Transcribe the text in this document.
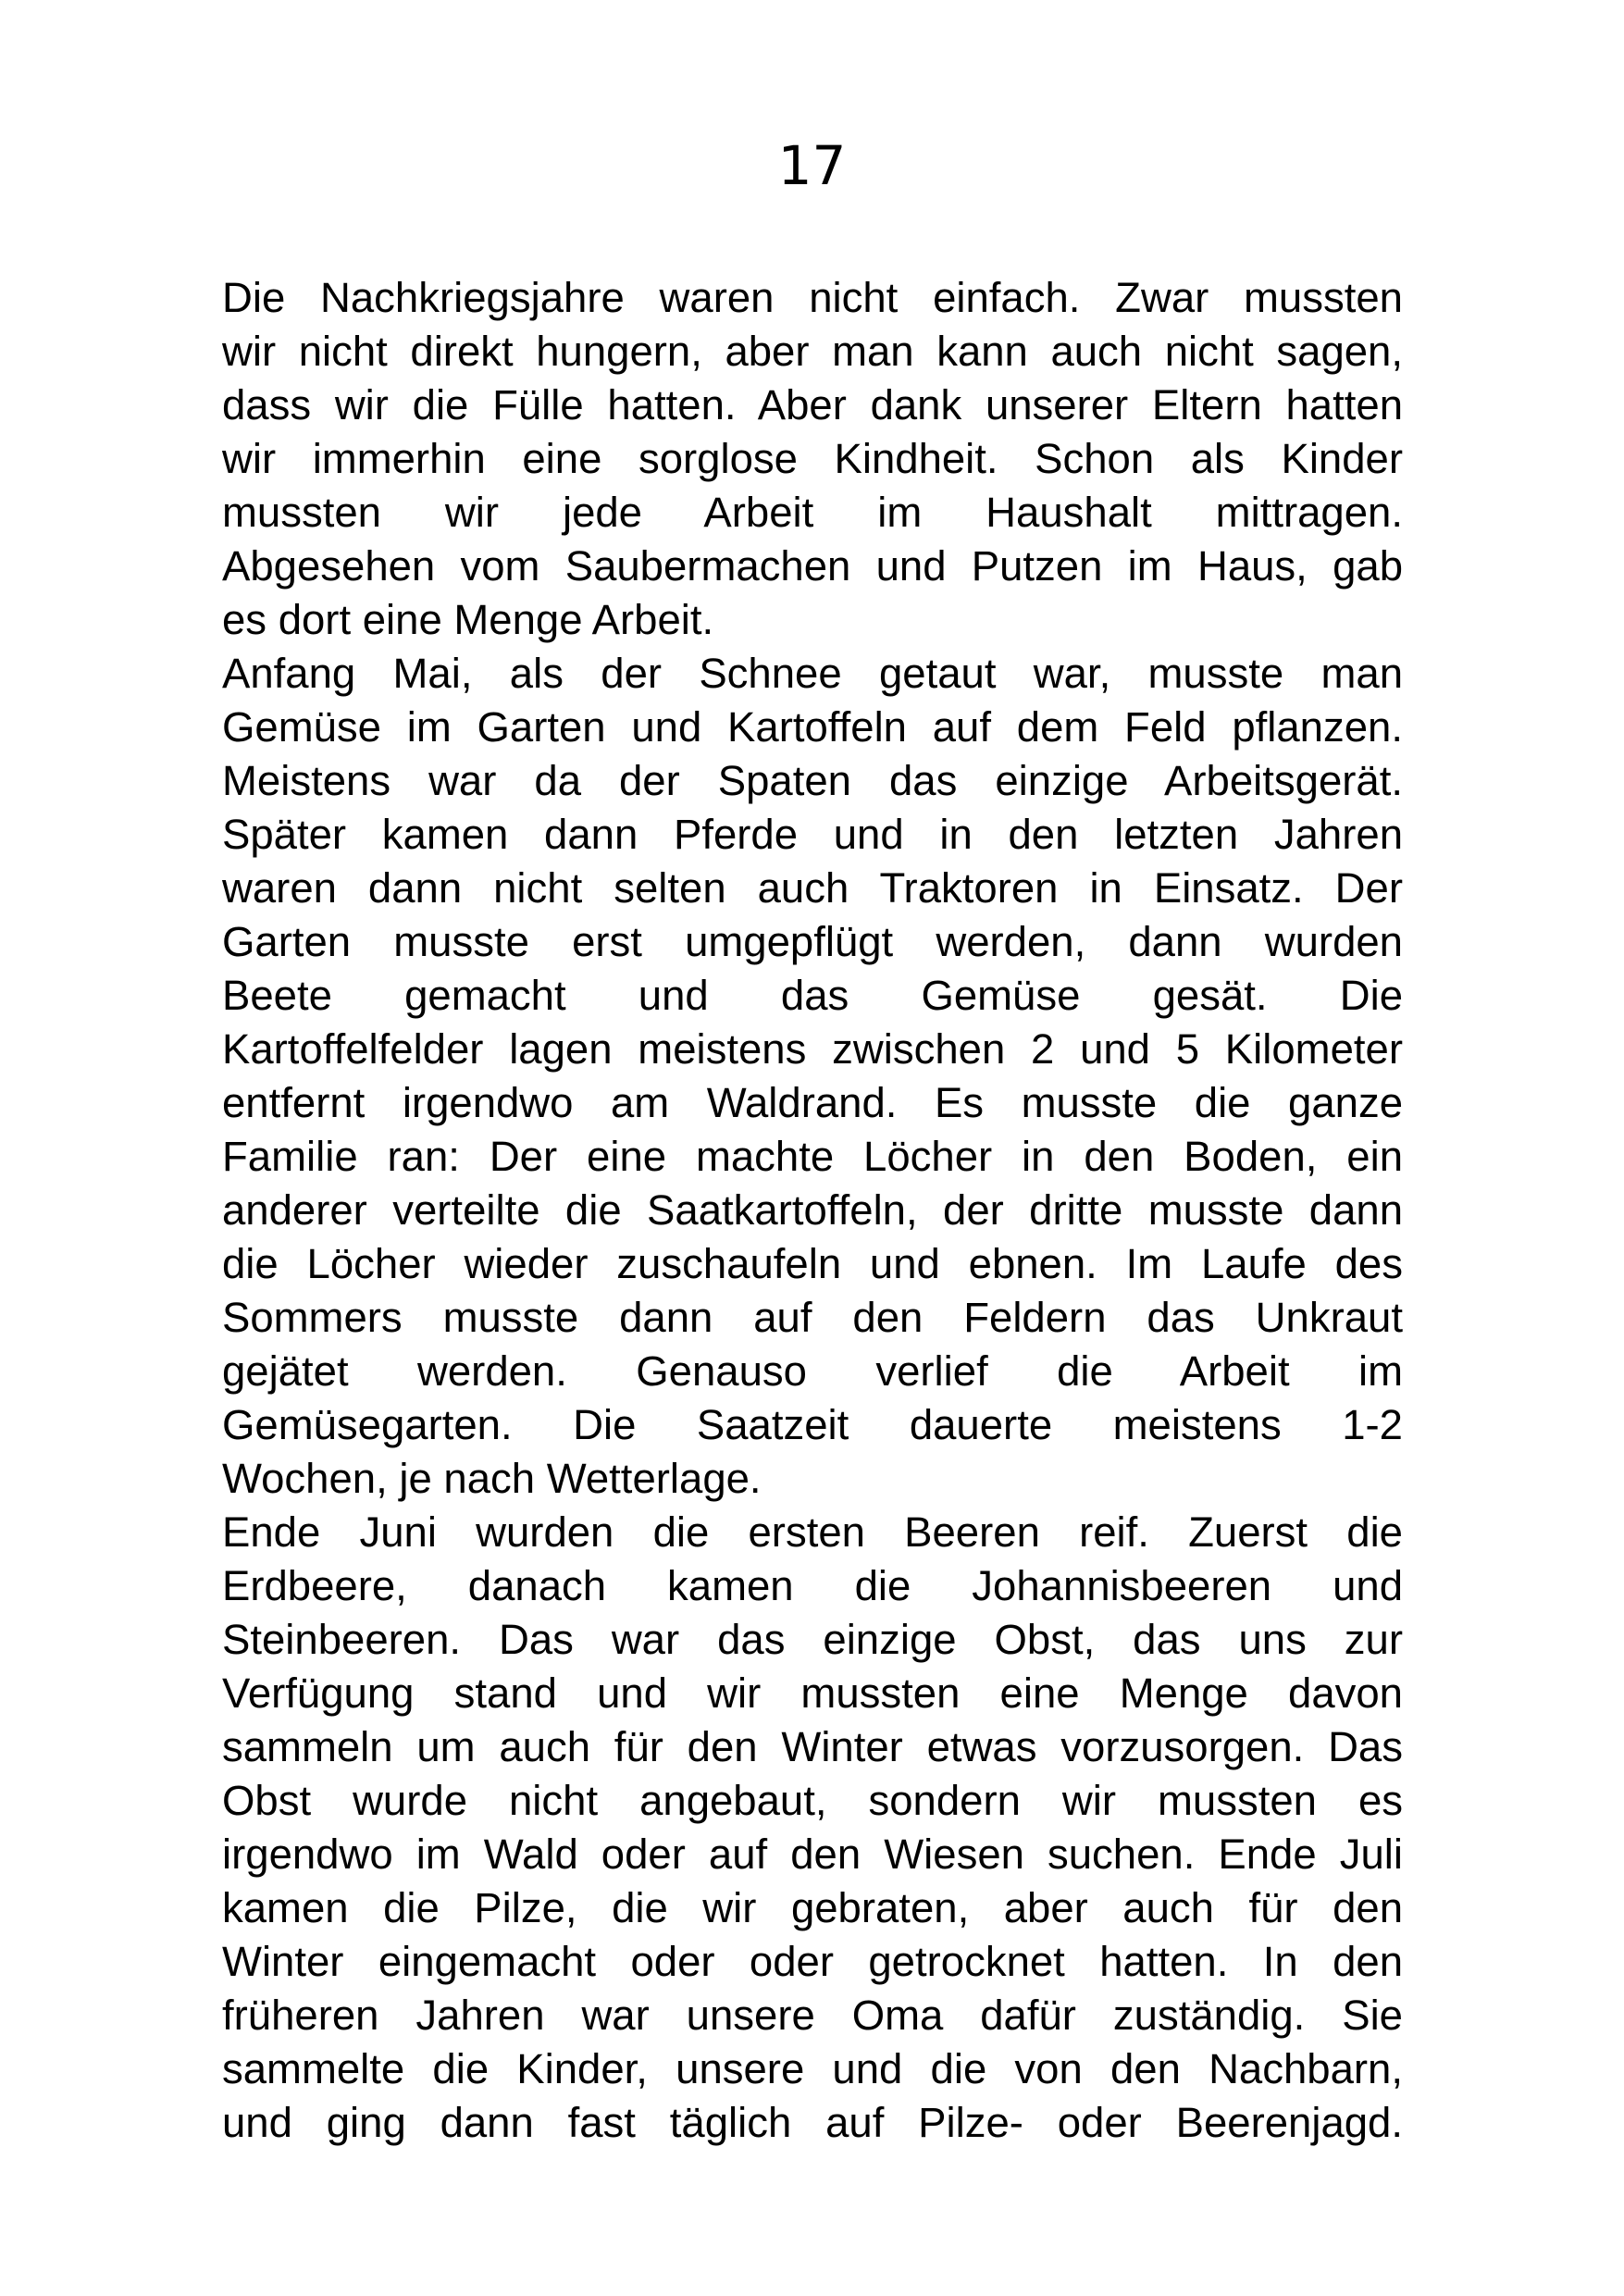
17
Die Nachkriegsjahre waren nicht einfach. Zwar mussten
wir nicht direkt hungern, aber man kann auch nicht sagen,
dass wir die Fülle hatten. Aber dank unserer Eltern hatten
wir immerhin eine sorglose Kindheit. Schon als Kinder
mussten wir jede Arbeit im Haushalt mittragen.
Abgesehen vom Saubermachen und Putzen im Haus, gab
es dort eine Menge Arbeit.
Anfang Mai, als der Schnee getaut war, musste man
Gemüse im Garten und Kartoffeln auf dem Feld pflanzen.
Meistens war da der Spaten das einzige Arbeitsgerät.
Später kamen dann Pferde und in den letzten Jahren
waren dann nicht selten auch Traktoren in Einsatz. Der
Garten musste erst umgepflügt werden, dann wurden
Beete gemacht und das Gemüse gesät. Die
Kartoffelfelder lagen meistens zwischen 2 und 5 Kilometer
entfernt irgendwo am Waldrand. Es musste die ganze
Familie ran: Der eine machte Löcher in den Boden, ein
anderer verteilte die Saatkartoffeln, der dritte musste dann
die Löcher wieder zuschaufeln und ebnen. Im Laufe des
Sommers musste dann auf den Feldern das Unkraut
gejätet werden. Genauso verlief die Arbeit im
Gemüsegarten. Die Saatzeit dauerte meistens 1-2
Wochen, je nach Wetterlage.
Ende Juni wurden die ersten Beeren reif. Zuerst die
Erdbeere, danach kamen die Johannisbeeren und
Steinbeeren. Das war das einzige Obst, das uns zur
Verfügung stand und wir mussten eine Menge davon
sammeln um auch für den Winter etwas vorzusorgen. Das
Obst wurde nicht angebaut, sondern wir mussten es
irgendwo im Wald oder auf den Wiesen suchen. Ende Juli
kamen die Pilze, die wir gebraten, aber auch für den
Winter eingemacht oder oder getrocknet hatten. In den
früheren Jahren war unsere Oma dafür zuständig. Sie
sammelte die Kinder, unsere und die von den Nachbarn,
und ging dann fast täglich auf Pilze- oder Beerenjagd.
